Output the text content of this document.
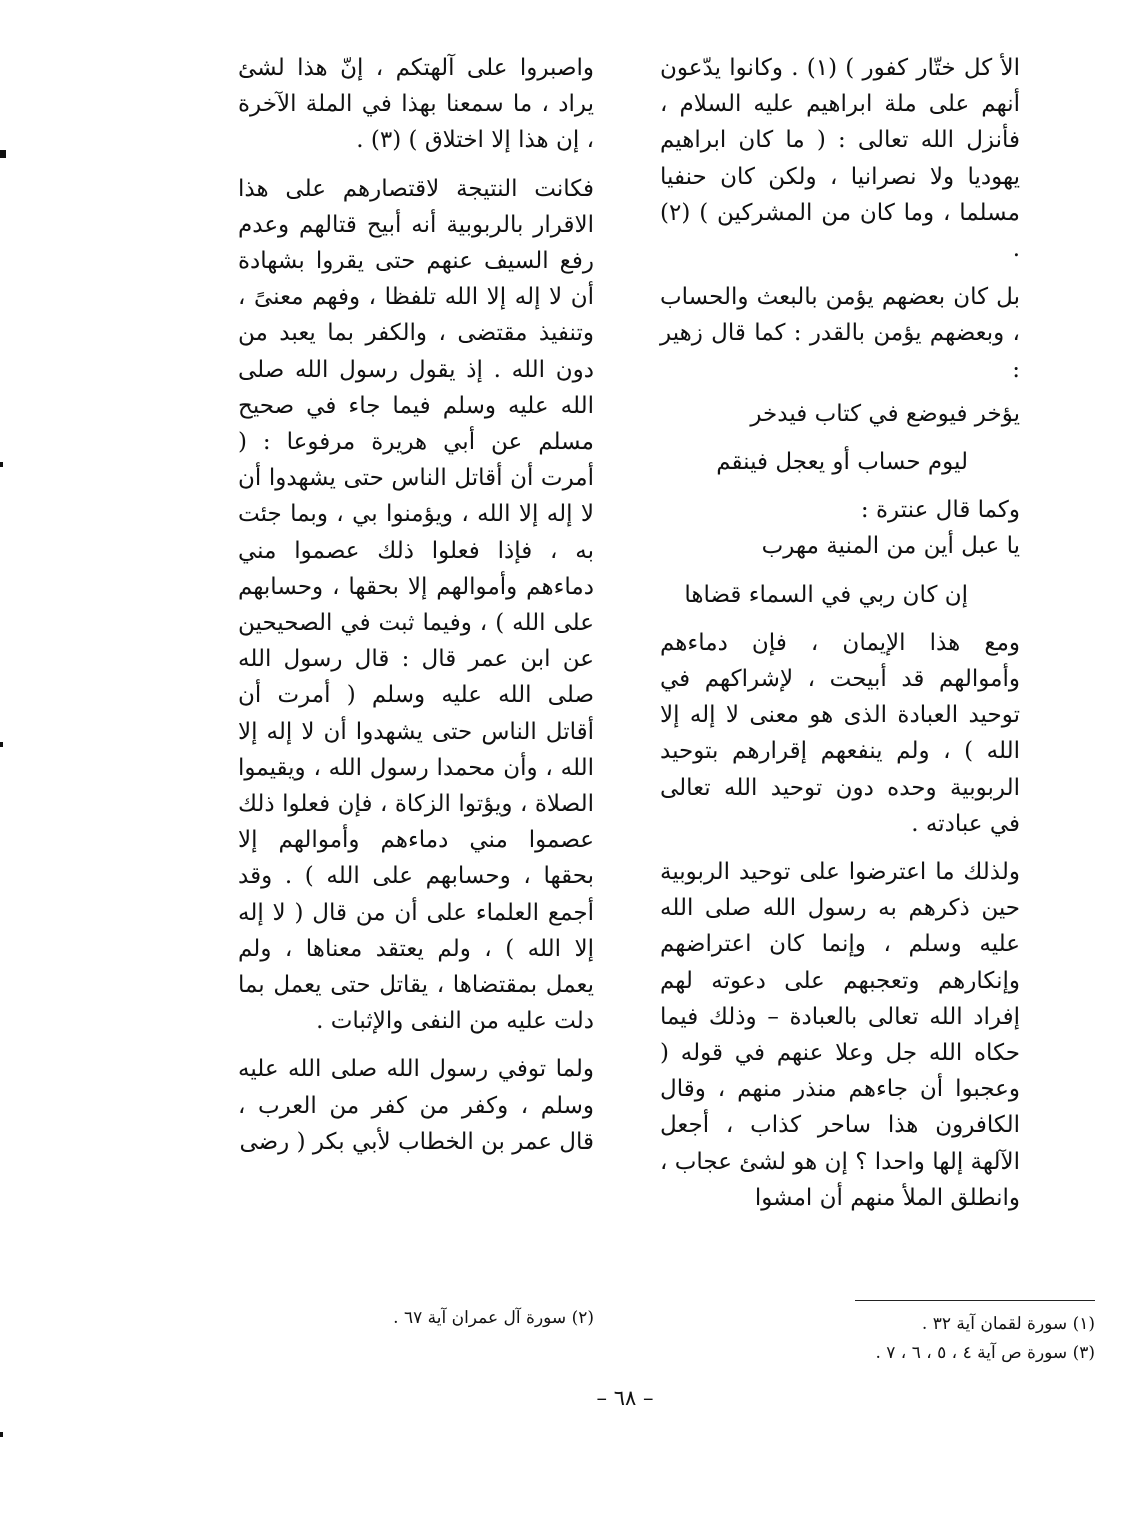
الأ كل ختّار كفور ) (١) . وكانوا يدّعون أنهم على ملة ابراهيم عليه السلام ، فأنزل الله تعالى : ( ما كان ابراهيم يهوديا ولا نصرانيا ، ولكن كان حنفيا مسلما ، وما كان من المشركين ) (٢) .

بل كان بعضهم يؤمن بالبعث والحساب ، وبعضهم يؤمن بالقدر : كما قال زهير :

يؤخر فيوضع في كتاب فيدخر

ليوم حساب أو يعجل فينقم

وكما قال عنترة :

يا عبل أين من المنية مهرب

إن كان ربي في السماء قضاها

ومع هذا الإيمان ، فإن دماءهم وأموالهم قد أبيحت ، لإشراكهم في توحيد العبادة الذى هو معنى لا إله إلا الله ) ، ولم ينفعهم إقرارهم بتوحيد الربوبية وحده دون توحيد الله تعالى في عبادته .

ولذلك ما اعترضوا على توحيد الربوبية حين ذكرهم به رسول الله صلى الله عليه وسلم ، وإنما كان اعتراضهم وإنكارهم وتعجبهم على دعوته لهم إفراد الله تعالى بالعبادة – وذلك فيما حكاه الله جل وعلا عنهم في قوله ( وعجبوا أن جاءهم منذر منهم ، وقال الكافرون هذا ساحر كذاب ، أجعل الآلهة إلها واحدا ؟ إن هو لشئ عجاب ، وانطلق الملأ منهم أن امشوا

واصبروا على آلهتكم ، إنّ هذا لشئ يراد ، ما سمعنا بهذا في الملة الآخرة ، إن هذا إلا اختلاق ) (٣) .

فكانت النتيجة لاقتصارهم على هذا الاقرار بالربوبية أنه أبيح قتالهم وعدم رفع السيف عنهم حتى يقروا بشهادة أن لا إله إلا الله تلفظا ، وفهم معنىً ، وتنفيذ مقتضى ، والكفر بما يعبد من دون الله . إذ يقول رسول الله صلى الله عليه وسلم فيما جاء في صحيح مسلم عن أبي هريرة مرفوعا : ( أمرت أن أقاتل الناس حتى يشهدوا أن لا إله إلا الله ، ويؤمنوا بي ، وبما جئت به ، فإذا فعلوا ذلك عصموا مني دماءهم وأموالهم إلا بحقها ، وحسابهم على الله ) ، وفيما ثبت في الصحيحين عن ابن عمر قال : قال رسول الله صلى الله عليه وسلم ( أمرت أن أقاتل الناس حتى يشهدوا أن لا إله إلا الله ، وأن محمدا رسول الله ، ويقيموا الصلاة ، ويؤتوا الزكاة ، فإن فعلوا ذلك عصموا مني دماءهم وأموالهم إلا بحقها ، وحسابهم على الله ) . وقد أجمع العلماء على أن من قال ( لا إله إلا الله ) ، ولم يعتقد معناها ، ولم يعمل بمقتضاها ، يقاتل حتى يعمل بما دلت عليه من النفى والإثبات .

ولما توفي رسول الله صلى الله عليه وسلم ، وكفر من كفر من العرب ، قال عمر بن الخطاب لأبي بكر ( رضى

(٢) سورة آل عمران آية ٦٧ .	(١) سورة لقمان آية ٣٢ .
(٣) سورة ص آية ٤ ، ٥ ، ٦ ، ٧ .
– ٦٨ –
